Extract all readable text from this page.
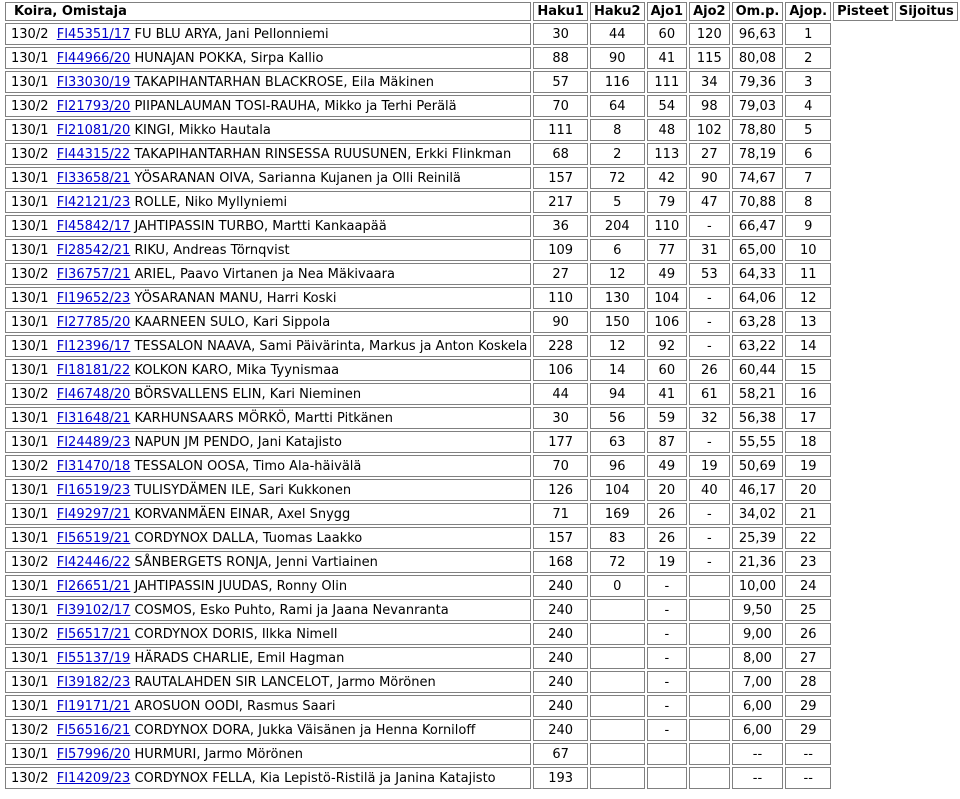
Koira, Omistaja	Haku1	Haku2	Ajo1	Ajo2	Om.p.	Ajop.	Pisteet	Sijoitus
130/2 FI45351/17 FU BLU ARYA, Jani Pellonniemi	30	44	60	120	96,63	1		
130/1 FI44966/20 HUNAJAN POKKA, Sirpa Kallio	88	90	41	115	80,08	2		
130/1 FI33030/19 TAKAPIHANTARHAN BLACKROSE, Eila Mäkinen	57	116	111	34	79,36	3		
130/2 FI21793/20 PIIPANLAUMAN TOSI-RAUHA, Mikko ja Terhi Perälä	70	64	54	98	79,03	4		
130/1 FI21081/20 KINGI, Mikko Hautala	111	8	48	102	78,80	5		
130/2 FI44315/22 TAKAPIHANTARHAN RINSESSA RUUSUNEN, Erkki Flinkman	68	2	113	27	78,19	6		
130/1 FI33658/21 YÖSARANAN OIVA, Sarianna Kujanen ja Olli Reinilä	157	72	42	90	74,67	7		
130/1 FI42121/23 ROLLE, Niko Myllyniemi	217	5	79	47	70,88	8		
130/1 FI45842/17 JAHTIPASSIN TURBO, Martti Kankaapää	36	204	110	-	66,47	9		
130/1 FI28542/21 RIKU, Andreas Törnqvist	109	6	77	31	65,00	10		
130/2 FI36757/21 ARIEL, Paavo Virtanen ja Nea Mäkivaara	27	12	49	53	64,33	11		
130/1 FI19652/23 YÖSARANAN MANU, Harri Koski	110	130	104	-	64,06	12		
130/1 FI27785/20 KAARNEEN SULO, Kari Sippola	90	150	106	-	63,28	13		
130/1 FI12396/17 TESSALON NAAVA, Sami Päivärinta, Markus ja Anton Koskela	228	12	92	-	63,22	14		
130/1 FI18181/22 KOLKON KARO, Mika Tyynismaa	106	14	60	26	60,44	15		
130/2 FI46748/20 BÖRSVALLENS ELIN, Kari Nieminen	44	94	41	61	58,21	16		
130/1 FI31648/21 KARHUNSAARS MÖRKÖ, Martti Pitkänen	30	56	59	32	56,38	17		
130/1 FI24489/23 NAPUN JM PENDO, Jani Katajisto	177	63	87	-	55,55	18		
130/2 FI31470/18 TESSALON OOSA, Timo Ala-häivälä	70	96	49	19	50,69	19		
130/1 FI16519/23 TULISYDÄMEN ILE, Sari Kukkonen	126	104	20	40	46,17	20		
130/1 FI49297/21 KORVANMÄEN EINAR, Axel Snygg	71	169	26	-	34,02	21		
130/1 FI56519/21 CORDYNOX DALLA, Tuomas Laakko	157	83	26	-	25,39	22		
130/2 FI42446/22 SÅNBERGETS RONJA, Jenni Vartiainen	168	72	19	-	21,36	23		
130/1 FI26651/21 JAHTIPASSIN JUUDAS, Ronny Olin	240	0	-		10,00	24		
130/1 FI39102/17 COSMOS, Esko Puhto, Rami ja Jaana Nevanranta	240		-		9,50	25		
130/2 FI56517/21 CORDYNOX DORIS, Ilkka Nimell	240		-		9,00	26		
130/1 FI55137/19 HÄRADS CHARLIE, Emil Hagman	240		-		8,00	27		
130/1 FI39182/23 RAUTALAHDEN SIR LANCELOT, Jarmo Mörönen	240		-		7,00	28		
130/1 FI19171/21 AROSUON OODI, Rasmus Saari	240		-		6,00	29		
130/2 FI56516/21 CORDYNOX DORA, Jukka Väisänen ja Henna Korniloff	240		-		6,00	29		
130/1 FI57996/20 HURMURI, Jarmo Mörönen	67				--	--		
130/2 FI14209/23 CORDYNOX FELLA, Kia Lepistö-Ristilä ja Janina Katajisto	193				--	--		
